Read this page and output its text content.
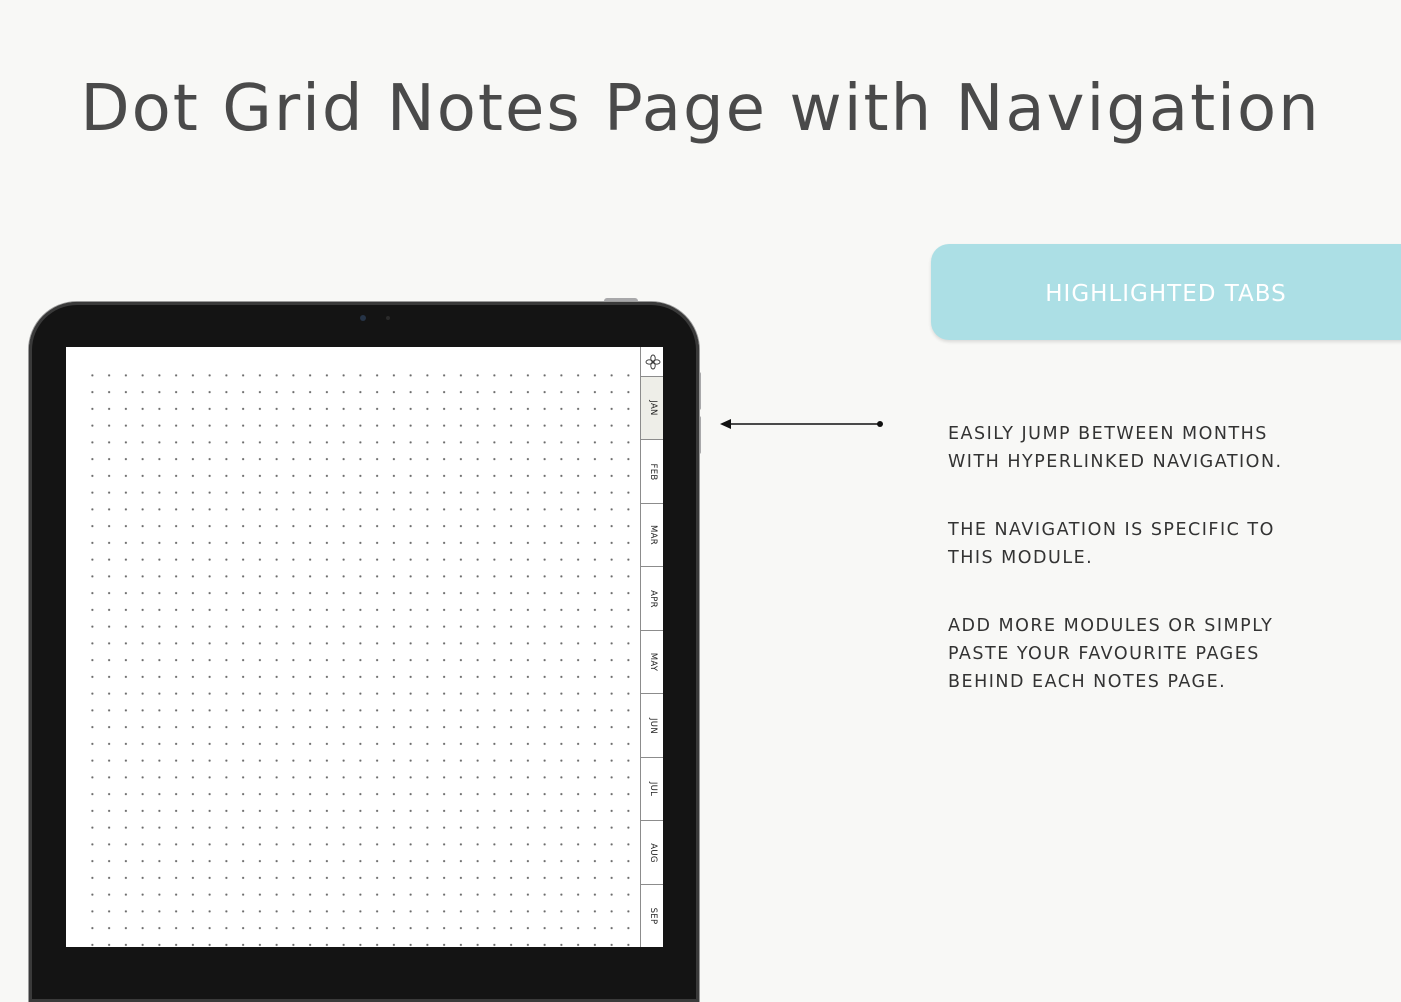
Dot Grid Notes Page with Navigation
HIGHLIGHTED TABS

EASILY JUMP BETWEEN MONTHS
WITH HYPERLINKED NAVIGATION.

THE NAVIGATION IS SPECIFIC TO
THIS MODULE.

ADD MORE MODULES OR SIMPLY
PASTE YOUR FAVOURITE PAGES
BEHIND EACH NOTES PAGE.

JAN
FEB
MAR
APR
MAY
JUN
JUL
AUG
SEP
